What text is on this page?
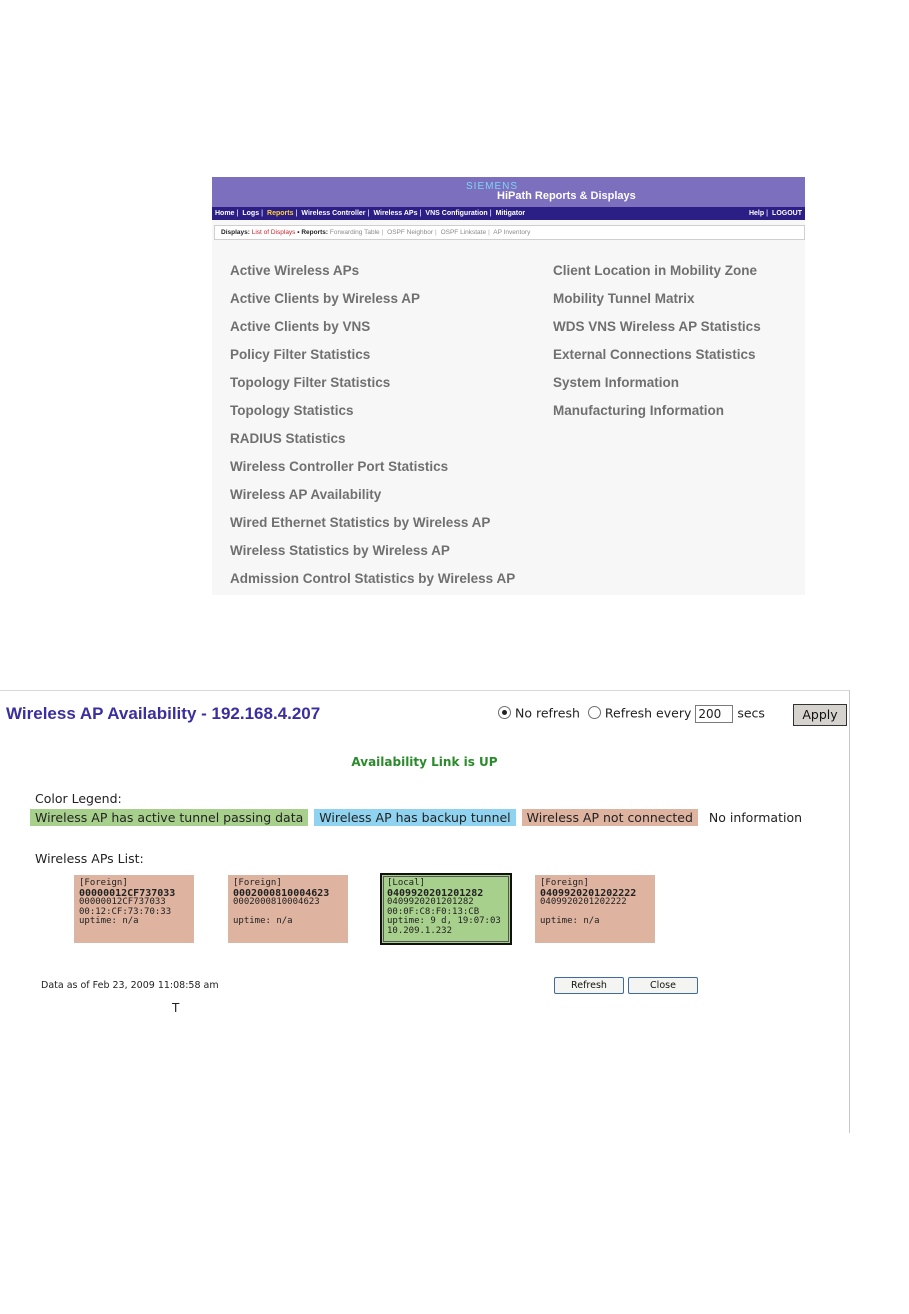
SIEMENS
HiPath Reports & Displays
Home | Logs | Reports | Wireless Controller | Wireless APs | VNS Configuration | Mitigator	Help | LOGOUT
Displays: List of Displays • Reports: Forwarding Table | OSPF Neighbor | OSPF Linkstate | AP Inventory
Active Wireless APs
Active Clients by Wireless AP
Active Clients by VNS
Policy Filter Statistics
Topology Filter Statistics
Topology Statistics
RADIUS Statistics
Wireless Controller Port Statistics
Wireless AP Availability
Wired Ethernet Statistics by Wireless AP
Wireless Statistics by Wireless AP
Admission Control Statistics by Wireless AP
Client Location in Mobility Zone
Mobility Tunnel Matrix
WDS VNS Wireless AP Statistics
External Connections Statistics
System Information
Manufacturing Information
Wireless AP Availability - 192.168.4.207	No refresh Refresh every 200 secs	Apply
Availability Link is UP
Color Legend:
Wireless AP has active tunnel passing data Wireless AP has backup tunnel Wireless AP not connected No information
Wireless APs List:
[Foreign]
00000012CF737033
00000012CF737033
00:12:CF:73:70:33
uptime: n/a
[Foreign]
0002000810004623
0002000810004623
uptime: n/a
[Local]
0409920201201282
0409920201201282
00:0F:C8:F0:13:CB
uptime: 9 d, 19:07:03
10.209.1.232
[Foreign]
0409920201202222
0409920201202222
uptime: n/a
Data as of Feb 23, 2009 11:08:58 am	Refresh	Close
T
